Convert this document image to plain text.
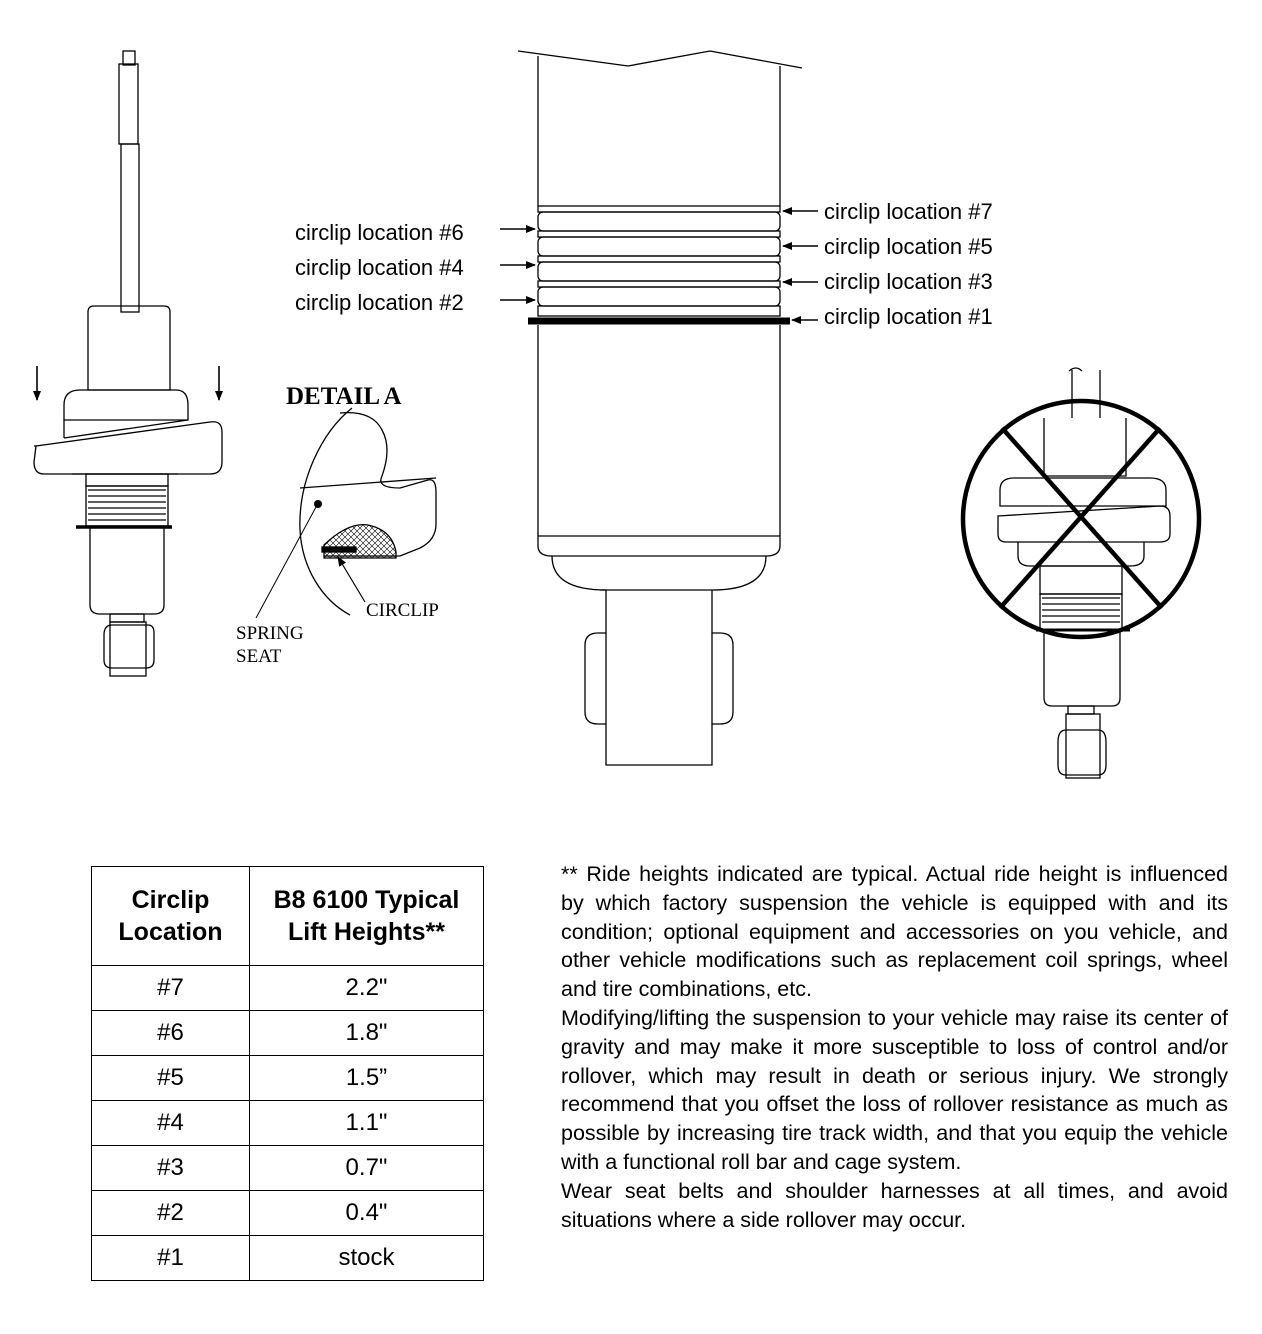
DETAIL A
CIRCLIP
SPRING
SEAT
circlip location #7
circlip location #5
circlip location #3
circlip location #1
circlip location #6
circlip location #4
circlip location #2
Circlip
Location	B8 6100 Typical
Lift Heights**

#7	2.2"
#6	1.8"
#5	1.5”
#4	1.1"
#3	0.7"
#2	0.4"
#1	stock

** Ride heights indicated are typical. Actual ride height is influenced by which factory suspension the vehicle is equipped with and its condition; optional equipment and accessories on you vehicle, and other vehicle modifications such as replacement coil springs, wheel and tire combinations, etc.

Modifying/lifting the suspension to your vehicle may raise its center of gravity and may make it more susceptible to loss of control and/or rollover, which may result in death or serious injury. We strongly recommend that you offset the loss of rollover resistance as much as possible by increasing tire track width, and that you equip the vehicle with a functional roll bar and cage system.

Wear seat belts and shoulder harnesses at all times, and avoid situations where a side rollover may occur.
